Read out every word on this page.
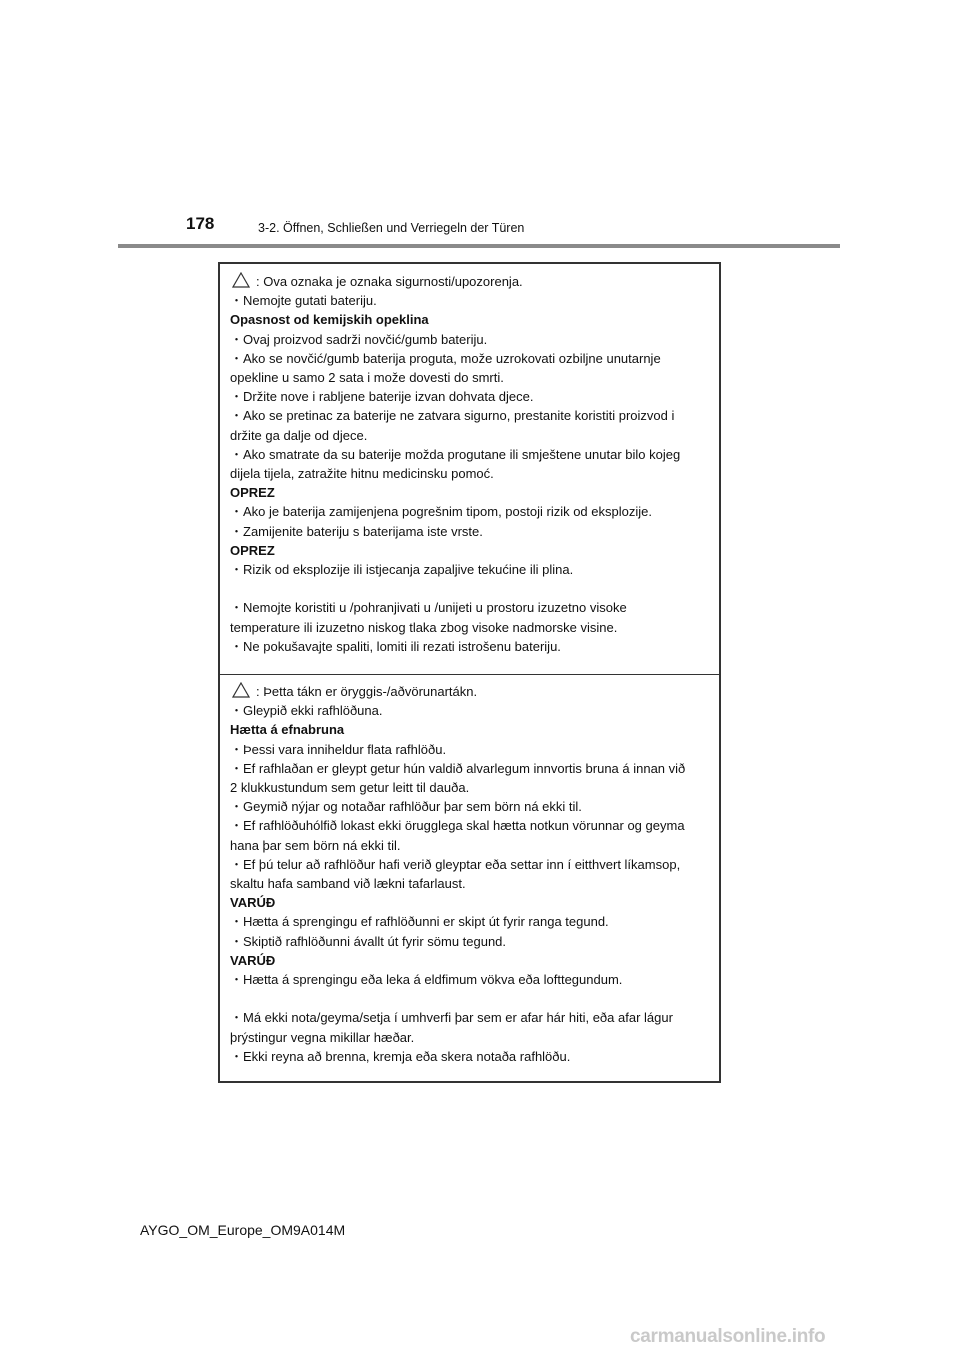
178	3-2. Öffnen, Schließen und Verriegeln der Türen
: Ova oznaka je oznaka sigurnosti/upozorenja.
・Nemojte gutati bateriju.
Opasnost od kemijskih opeklina
・Ovaj proizvod sadrži novčić/gumb bateriju.
・Ako se novčić/gumb baterija proguta, može uzrokovati ozbiljne unutarnje
opekline u samo 2 sata i može dovesti do smrti.
・Držite nove i rabljene baterije izvan dohvata djece.
・Ako se pretinac za baterije ne zatvara sigurno, prestanite koristiti proizvod i
držite ga dalje od djece.
・Ako smatrate da su baterije možda progutane ili smještene unutar bilo kojeg
dijela tijela, zatražite hitnu medicinsku pomoć.
OPREZ
・Ako je baterija zamijenjena pogrešnim tipom, postoji rizik od eksplozije.
・Zamijenite bateriju s baterijama iste vrste.
OPREZ
・Rizik od eksplozije ili istjecanja zapaljive tekućine ili plina.
・Nemojte koristiti u /pohranjivati u /unijeti u prostoru izuzetno visoke
temperature ili izuzetno niskog tlaka zbog visoke nadmorske visine.
・Ne pokušavajte spaliti, lomiti ili rezati istrošenu bateriju.
: Þetta tákn er öryggis-/aðvörunartákn.
・Gleypið ekki rafhlöðuna.
Hætta á efnabruna
・Þessi vara inniheldur flata rafhlöðu.
・Ef rafhlaðan er gleypt getur hún valdið alvarlegum innvortis bruna á innan við
2 klukkustundum sem getur leitt til dauða.
・Geymið nýjar og notaðar rafhlöður þar sem börn ná ekki til.
・Ef rafhlöðuhólfið lokast ekki örugglega skal hætta notkun vörunnar og geyma
hana þar sem börn ná ekki til.
・Ef þú telur að rafhlöður hafi verið gleyptar eða settar inn í eitthvert líkamsop,
skaltu hafa samband við lækni tafarlaust.
VARÚÐ
・Hætta á sprengingu ef rafhlöðunni er skipt út fyrir ranga tegund.
・Skiptið rafhlöðunni ávallt út fyrir sömu tegund.
VARÚÐ
・Hætta á sprengingu eða leka á eldfimum vökva eða lofttegundum.
・Má ekki nota/geyma/setja í umhverfi þar sem er afar hár hiti, eða afar lágur
þrýstingur vegna mikillar hæðar.
・Ekki reyna að brenna, kremja eða skera notaða rafhlöðu.
AYGO_OM_Europe_OM9A014M
carmanualsonline.info
